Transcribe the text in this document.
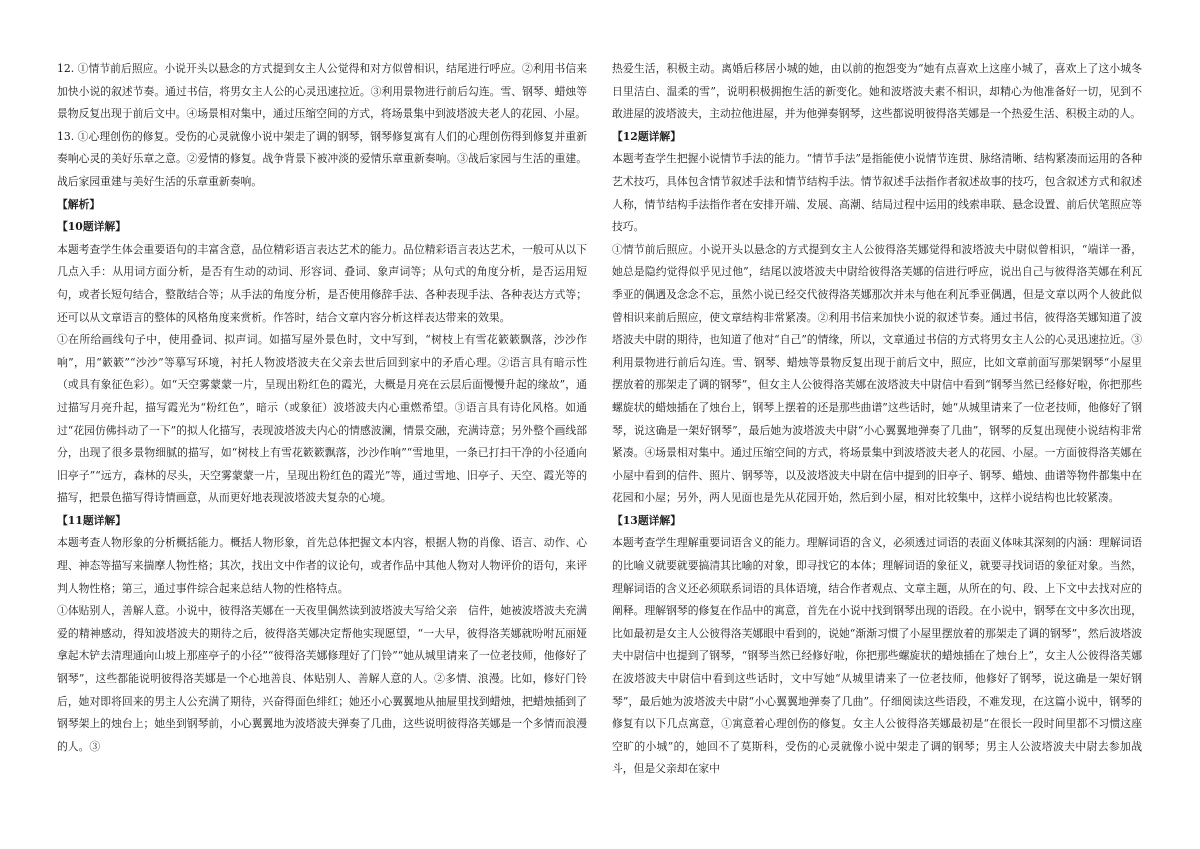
12. ①情节前后照应。小说开头以悬念的方式提到女主人公觉得和对方似曾相识，结尾进行呼应。②利用书信来加快小说的叙述节奏。通过书信，将男女主人公的心灵迅速拉近。③利用景物进行前后勾连。雪、钢琴、蜡烛等景物反复出现于前后文中。④场景相对集中，通过压缩空间的方式，将场景集中到波塔波夫老人的花园、小屋。

13. ①心理创伤的修复。受伤的心灵就像小说中架走了调的钢琴，钢琴修复寓有人们的心理创伤得到修复并重新奏响心灵的美好乐章之意。②爱情的修复。战争背景下被冲淡的爱情乐章重新奏响。③战后家园与生活的重建。战后家园重建与美好生活的乐章重新奏响。

【解析】

【10题详解】

本题考查学生体会重要语句的丰富含意，品位精彩语言表达艺术的能力。品位精彩语言表达艺术，一般可从以下几点入手：从用词方面分析，是否有生动的动词、形容词、叠词、象声词等；从句式的角度分析，是否运用短句，或者长短句结合，整散结合等；从手法的角度分析，是否使用修辞手法、各种表现手法、各种表达方式等；还可以从文章语言的整体的风格角度来赏析。作答时，结合文章内容分析这样表达带来的效果。

①在所给画线句子中，使用叠词、拟声词。如描写屋外景色时，文中写到，“树枝上有雪花簌簌飘落，沙沙作响”，用“簌簌”“沙沙”等摹写环境，衬托人物波塔波夫在父亲去世后回到家中的矛盾心理。②语言具有暗示性（或具有象征色彩）。如“天空雾蒙蒙一片，呈现出粉红色的霞光，大概是月亮在云层后面慢慢升起的缘故”，通过描写月亮升起，描写霞光为“粉红色”，暗示（或象征）波塔波夫内心重燃希望。③语言具有诗化风格。如通过“花园仿佛抖动了一下”的拟人化描写，表现波塔波夫内心的情感波澜，情景交融，充满诗意；另外整个画线部分，出现了很多景物细腻的描写，如“树枝上有雪花簌簌飘落，沙沙作响”“雪地里，一条已打扫干净的小径通向旧亭子”“远方，森林的尽头，天空雾蒙蒙一片，呈现出粉红色的霞光”等，通过雪地、旧亭子、天空、霞光等的描写，把景色描写得诗情画意，从而更好地表现波塔波夫复杂的心境。

【11题详解】

本题考查人物形象的分析概括能力。概括人物形象，首先总体把握文本内容，根据人物的肖像、语言、动作、心理、神态等描写来揣摩人物性格；其次，找出文中作者的议论句，或者作品中其他人物对人物评价的语句，来评判人物性格；第三，通过事件综合起来总结人物的性格特点。

①体贴别人，善解人意。小说中，彼得洛芙娜在一天夜里偶然读到波塔波夫写给父亲　信件，她被波塔波夫充满爱的精神感动，得知波塔波夫的期待之后，彼得洛芙娜决定帮他实现愿望，“一大早，彼得洛芙娜就吩咐瓦丽娅拿起木铲去清理通向山坡上那座亭子的小径”“彼得洛芙娜修理好了门铃”“她从城里请来了一位老技师，他修好了钢琴”，这些都能说明彼得洛芙娜是一个心地善良、体贴别人、善解人意的人。②多情、浪漫。比如，修好门铃后，她对即将回来的男主人公充满了期待，兴奋得面色绯红；她还小心翼翼地从抽屉里找到蜡烛，把蜡烛插到了钢琴架上的烛台上；她坐到钢琴前，小心翼翼地为波塔波夫弹奏了几曲，这些说明彼得洛芙娜是一个多情而浪漫的人。③

热爱生活，积极主动。离婚后移居小城的她，由以前的抱怨变为“她有点喜欢上这座小城了，喜欢上了这小城冬日里洁白、温柔的雪”，说明积极拥抱生活的新变化。她和波塔波夫素不相识，却精心为他准备好一切，见到不敢进屋的波塔波夫，主动拉他进屋，并为他弹奏钢琴，这些都说明彼得洛芙娜是一个热爱生活、积极主动的人。

【12题详解】

本题考查学生把握小说情节手法的能力。“情节手法”是指能使小说情节连贯、脉络清晰、结构紧凑而运用的各种艺术技巧，具体包含情节叙述手法和情节结构手法。情节叙述手法指作者叙述故事的技巧，包含叙述方式和叙述人称，情节结构手法指作者在安排开端、发展、高潮、结局过程中运用的线索串联、悬念设置、前后伏笔照应等技巧。

①情节前后照应。小说开头以悬念的方式提到女主人公彼得洛芙娜觉得和波塔波夫中尉似曾相识，“端详一番，她总是隐约觉得似乎见过他”，结尾以波塔波夫中尉给彼得洛芙娜的信进行呼应，说出自己与彼得洛芙娜在利瓦季亚的偶遇及念念不忘，虽然小说已经交代彼得洛芙娜那次并未与他在利瓦季亚偶遇，但是文章以两个人彼此似曾相识来前后照应，使文章结构非常紧凑。②利用书信来加快小说的叙述节奏。通过书信，彼得洛芙娜知道了波塔波夫中尉的期待，也知道了他对“自己”的情缘，所以，文章通过书信的方式将男女主人公的心灵迅速拉近。③利用景物进行前后勾连。雪、钢琴、蜡烛等景物反复出现于前后文中，照应，比如文章前面写那架钢琴“小屋里摆放着的那架走了调的钢琴”，但女主人公彼得洛芙娜在波塔波夫中尉信中看到“钢琴当然已经修好啦，你把那些螺旋状的蜡烛插在了烛台上，钢琴上摆着的还是那些曲谱”这些话时，她“从城里请来了一位老技师，他修好了钢琴，说这确是一架好钢琴”，最后她为波塔波夫中尉“小心翼翼地弹奏了几曲”，钢琴的反复出现使小说结构非常紧凑。④场景相对集中。通过压缩空间的方式，将场景集中到波塔波夫老人的花园、小屋。一方面彼得洛芙娜在小屋中看到的信件、照片、钢琴等，以及波塔波夫中尉在信中提到的旧亭子、钢琴、蜡烛、曲谱等物件都集中在花园和小屋；另外，两人见面也是先从花园开始，然后到小屋，相对比较集中，这样小说结构也比较紧凑。

【13题详解】

本题考查学生理解重要词语含义的能力。理解词语的含义，必须透过词语的表面义体味其深刻的内涵：理解词语的比喻义就要就要搞清其比喻的对象，即寻找它的本体；理解词语的象征义，就要寻找词语的象征对象。当然，理解词语的含义还必须联系词语的具体语境，结合作者观点、文章主题，从所在的句、段、上下文中去找对应的阐释。理解钢琴的修复在作品中的寓意，首先在小说中找到钢琴出现的语段。在小说中，钢琴在文中多次出现，比如最初是女主人公彼得洛芙娜眼中看到的，说她“渐渐习惯了小屋里摆放着的那架走了调的钢琴”，然后波塔波夫中尉信中也提到了钢琴，“钢琴当然已经修好啦，你把那些螺旋状的蜡烛插在了烛台上”，女主人公彼得洛芙娜在波塔波夫中尉信中看到这些话时，文中写她“从城里请来了一位老技师，他修好了钢琴，说这确是一架好钢琴”，最后她为波塔波夫中尉“小心翼翼地弹奏了几曲”。仔细阅读这些语段，不难发现，在这篇小说中，钢琴的修复有以下几点寓意，①寓意着心理创伤的修复。女主人公彼得洛芙娜最初是“在很长一段时间里都不习惯这座空旷的小城”的，她回不了莫斯科，受伤的心灵就像小说中架走了调的钢琴；男主人公波塔波夫中尉去参加战斗，但是父亲却在家中
